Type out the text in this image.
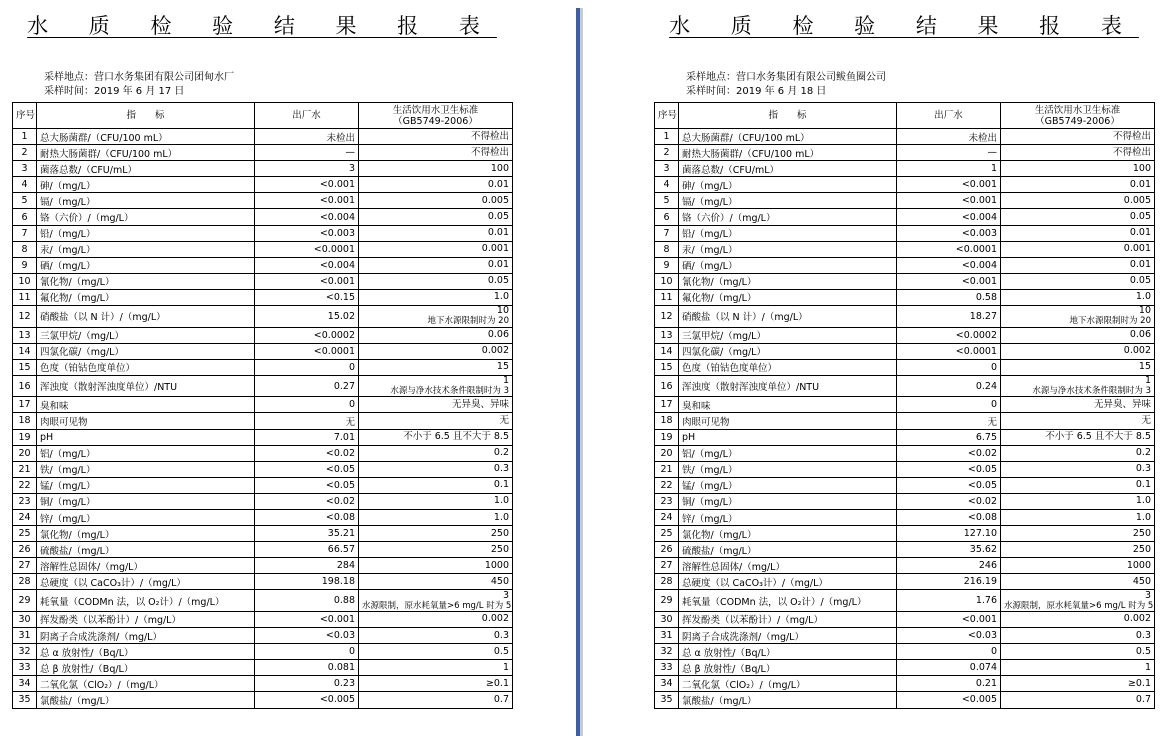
水 质 检 验 结 果 报 表
采样地点：营口水务集团有限公司团甸水厂
采样时间：2019 年 6 月 17 日
序号	指　　标	出厂水	生活饮用水卫生标准
（GB5749-2006）
1	总大肠菌群/（CFU/100 mL）	未检出	不得检出
2	耐热大肠菌群/（CFU/100 mL）	—	不得检出
3	菌落总数/（CFU/mL）	3	100
4	砷/（mg/L）	<0.001	0.01
5	镉/（mg/L）	<0.001	0.005
6	铬（六价）/（mg/L）	<0.004	0.05
7	铅/（mg/L）	<0.003	0.01
8	汞/（mg/L）	<0.0001	0.001
9	硒/（mg/L）	<0.004	0.01
10	氰化物/（mg/L）	<0.001	0.05
11	氟化物/（mg/L）	<0.15	1.0
12	硝酸盐（以 N 计）/（mg/L）	15.02	10
地下水源限制时为 20

13	三氯甲烷/（mg/L）	<0.0002	0.06
14	四氯化碳/（mg/L）	<0.0001	0.002
15	色度（铂钴色度单位）	0	15
16	浑浊度（散射浑浊度单位）/NTU	0.27	1
水源与净水技术条件限制时为 3

17	臭和味	0	无异臭、异味
18	肉眼可见物	无	无
19	pH	7.01	不小于 6.5 且不大于 8.5
20	铝/（mg/L）	<0.02	0.2
21	铁/（mg/L）	<0.05	0.3
22	锰/（mg/L）	<0.05	0.1
23	铜/（mg/L）	<0.02	1.0
24	锌/（mg/L）	<0.08	1.0
25	氯化物/（mg/L）	35.21	250
26	硫酸盐/（mg/L）	66.57	250
27	溶解性总固体/（mg/L）	284	1000
28	总硬度（以 CaCO₃计）/（mg/L）	198.18	450
29	耗氧量（CODMn 法，以 O₂计）/（mg/L）	0.88	3
水源限制，原水耗氧量>6 mg/L 时为 5

30	挥发酚类（以苯酚计）/（mg/L）	<0.001	0.002
31	阴离子合成洗涤剂/（mg/L）	<0.03	0.3
32	总 α 放射性/（Bq/L）	0	0.5
33	总 β 放射性/（Bq/L）	0.081	1
34	二氧化氯（ClO₂）/（mg/L）	0.23	≥0.1
35	氯酸盐/（mg/L）	<0.005	0.7
水 质 检 验 结 果 报 表
采样地点：营口水务集团有限公司鲅鱼圈公司
采样时间：2019 年 6 月 18 日
序号	指　　标	出厂水	生活饮用水卫生标准
（GB5749-2006）
1	总大肠菌群/（CFU/100 mL）	未检出	不得检出
2	耐热大肠菌群/（CFU/100 mL）	—	不得检出
3	菌落总数/（CFU/mL）	1	100
4	砷/（mg/L）	<0.001	0.01
5	镉/（mg/L）	<0.001	0.005
6	铬（六价）/（mg/L）	<0.004	0.05
7	铅/（mg/L）	<0.003	0.01
8	汞/（mg/L）	<0.0001	0.001
9	硒/（mg/L）	<0.004	0.01
10	氰化物/（mg/L）	<0.001	0.05
11	氟化物/（mg/L）	0.58	1.0
12	硝酸盐（以 N 计）/（mg/L）	18.27	10
地下水源限制时为 20

13	三氯甲烷/（mg/L）	<0.0002	0.06
14	四氯化碳/（mg/L）	<0.0001	0.002
15	色度（铂钴色度单位）	0	15
16	浑浊度（散射浑浊度单位）/NTU	0.24	1
水源与净水技术条件限制时为 3

17	臭和味	0	无异臭、异味
18	肉眼可见物	无	无
19	pH	6.75	不小于 6.5 且不大于 8.5
20	铝/（mg/L）	<0.02	0.2
21	铁/（mg/L）	<0.05	0.3
22	锰/（mg/L）	<0.05	0.1
23	铜/（mg/L）	<0.02	1.0
24	锌/（mg/L）	<0.08	1.0
25	氯化物/（mg/L）	127.10	250
26	硫酸盐/（mg/L）	35.62	250
27	溶解性总固体/（mg/L）	246	1000
28	总硬度（以 CaCO₃计）/（mg/L）	216.19	450
29	耗氧量（CODMn 法，以 O₂计）/（mg/L）	1.76	3
水源限制，原水耗氧量>6 mg/L 时为 5

30	挥发酚类（以苯酚计）/（mg/L）	<0.001	0.002
31	阴离子合成洗涤剂/（mg/L）	<0.03	0.3
32	总 α 放射性/（Bq/L）	0	0.5
33	总 β 放射性/（Bq/L）	0.074	1
34	二氧化氯（ClO₂）/（mg/L）	0.21	≥0.1
35	氯酸盐/（mg/L）	<0.005	0.7
